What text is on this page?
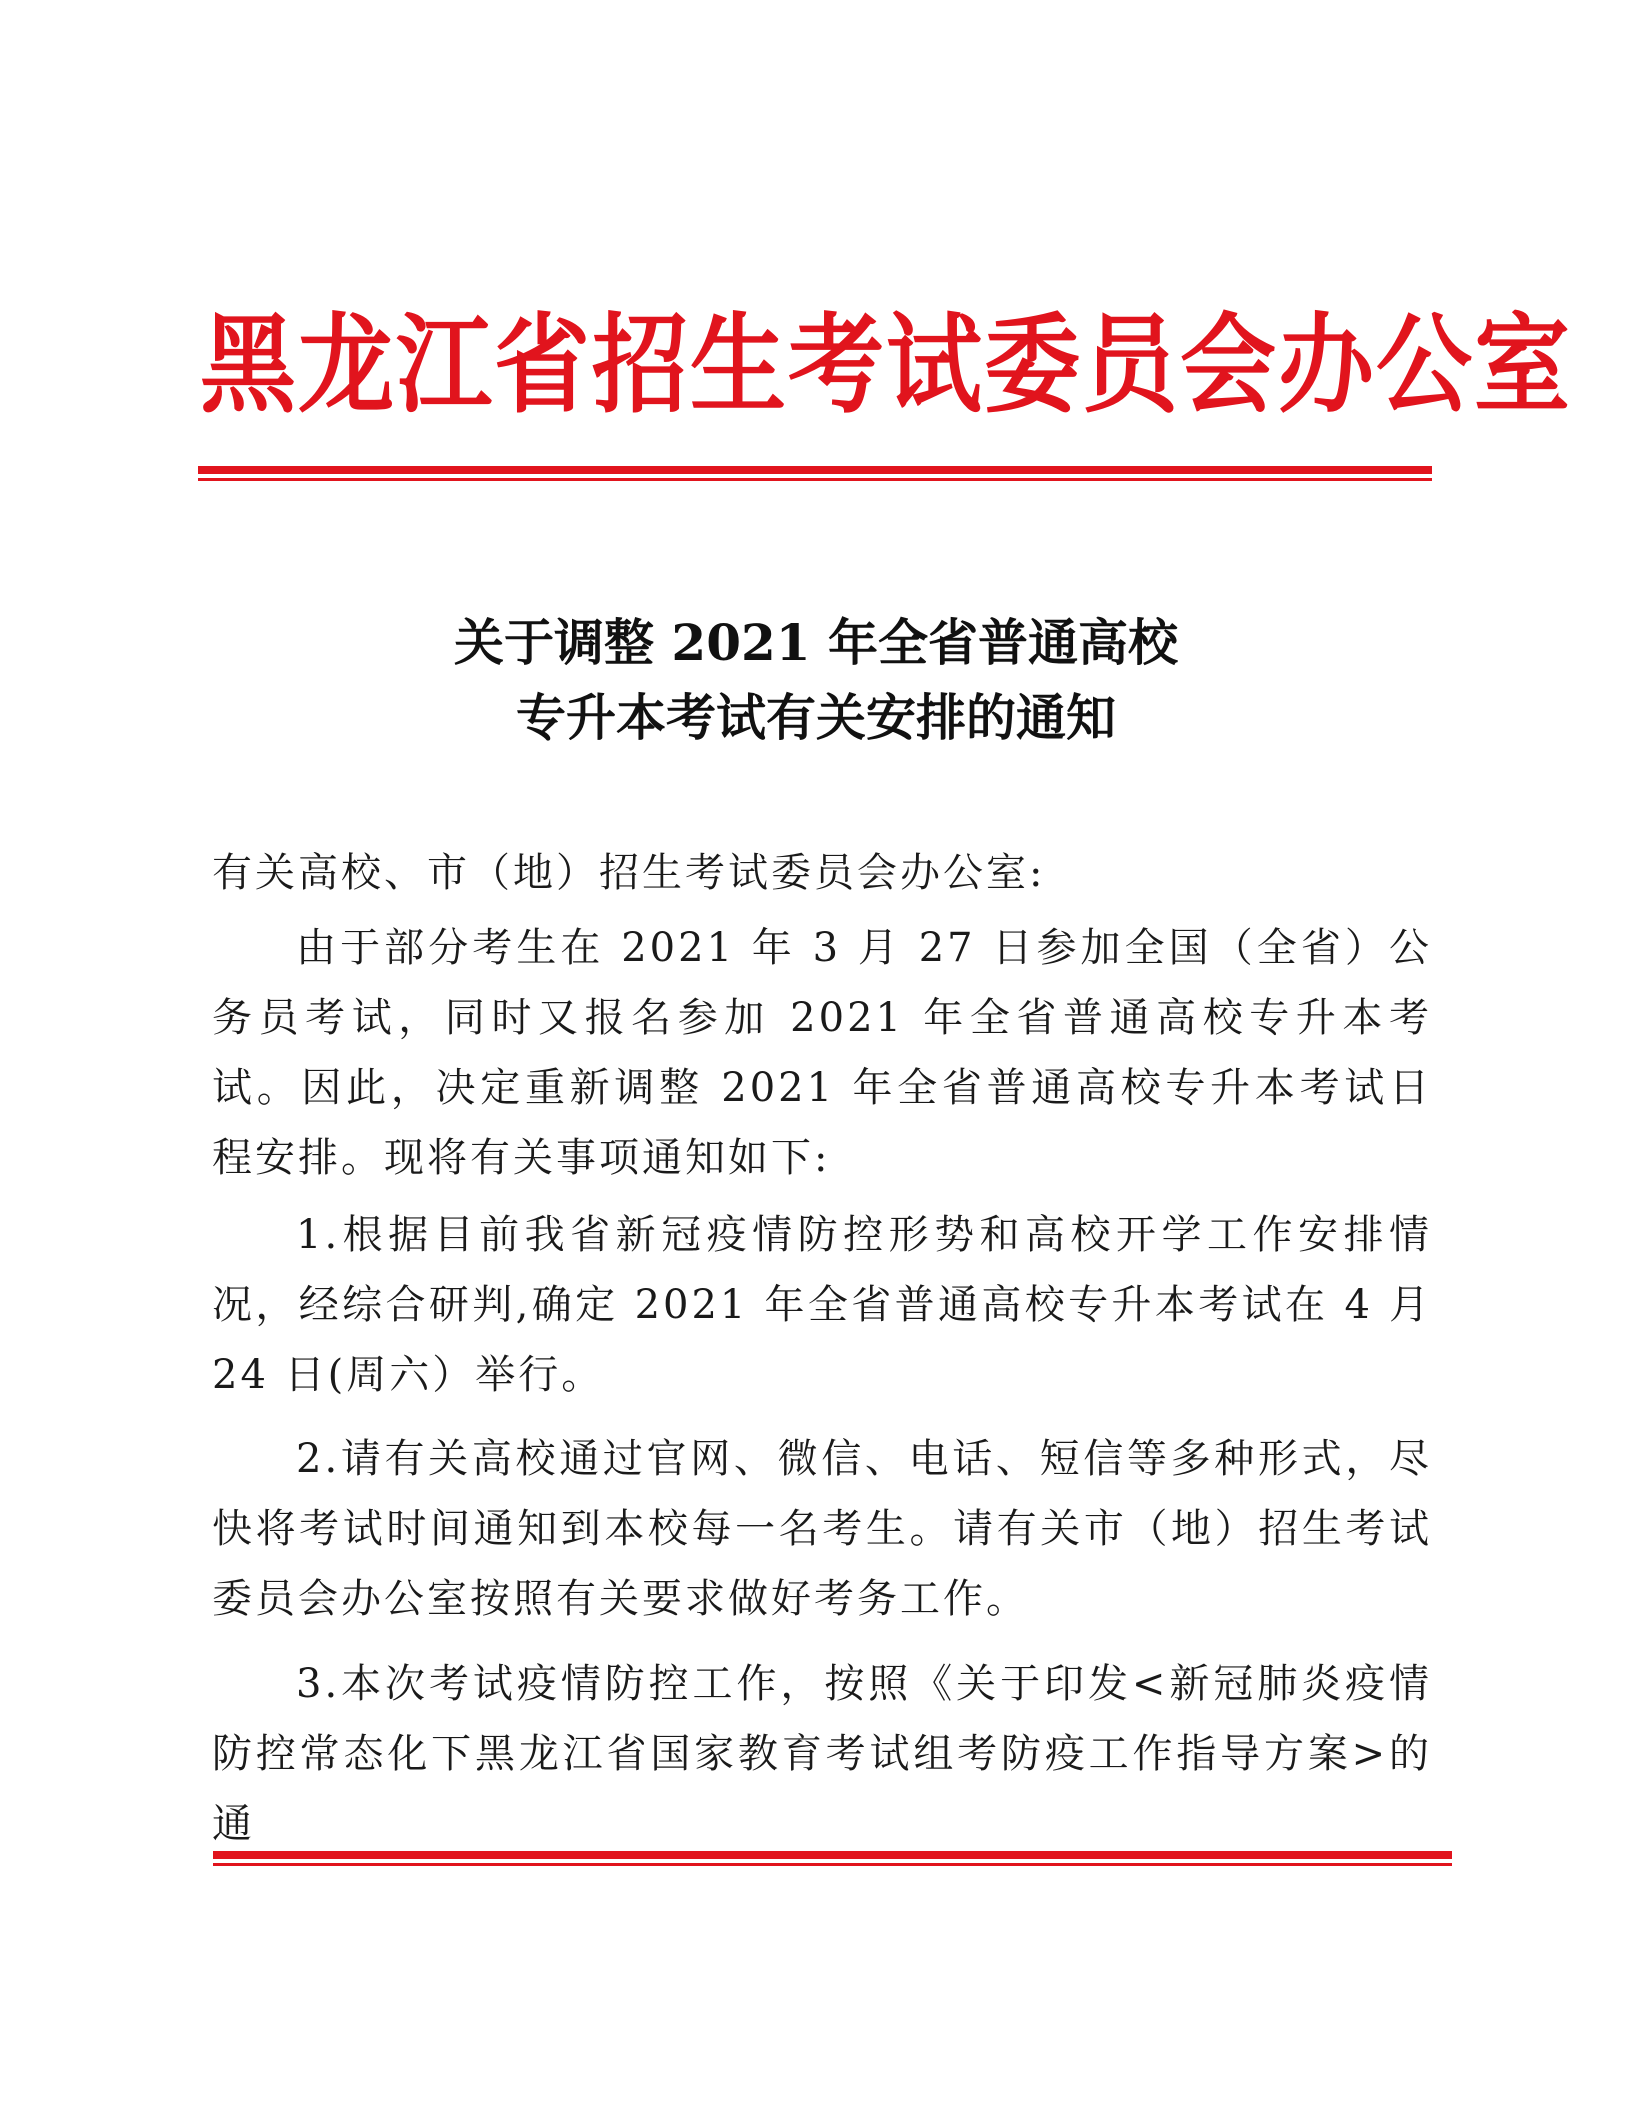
黑龙江省招生考试委员会办公室
关于调整 2021 年全省普通高校
专升本考试有关安排的通知
有关高校、市（地）招生考试委员会办公室:
由于部分考生在 2021 年 3 月 27 日参加全国（全省）公务员考试，同时又报名参加 2021 年全省普通高校专升本考试。因此，决定重新调整 2021 年全省普通高校专升本考试日程安排。现将有关事项通知如下:
1.根据目前我省新冠疫情防控形势和高校开学工作安排情况，经综合研判,确定 2021 年全省普通高校专升本考试在 4 月 24 日(周六）举行。
2.请有关高校通过官网、微信、电话、短信等多种形式，尽快将考试时间通知到本校每一名考生。请有关市（地）招生考试委员会办公室按照有关要求做好考务工作。
3.本次考试疫情防控工作，按照《关于印发<新冠肺炎疫情防控常态化下黑龙江省国家教育考试组考防疫工作指导方案>的通
